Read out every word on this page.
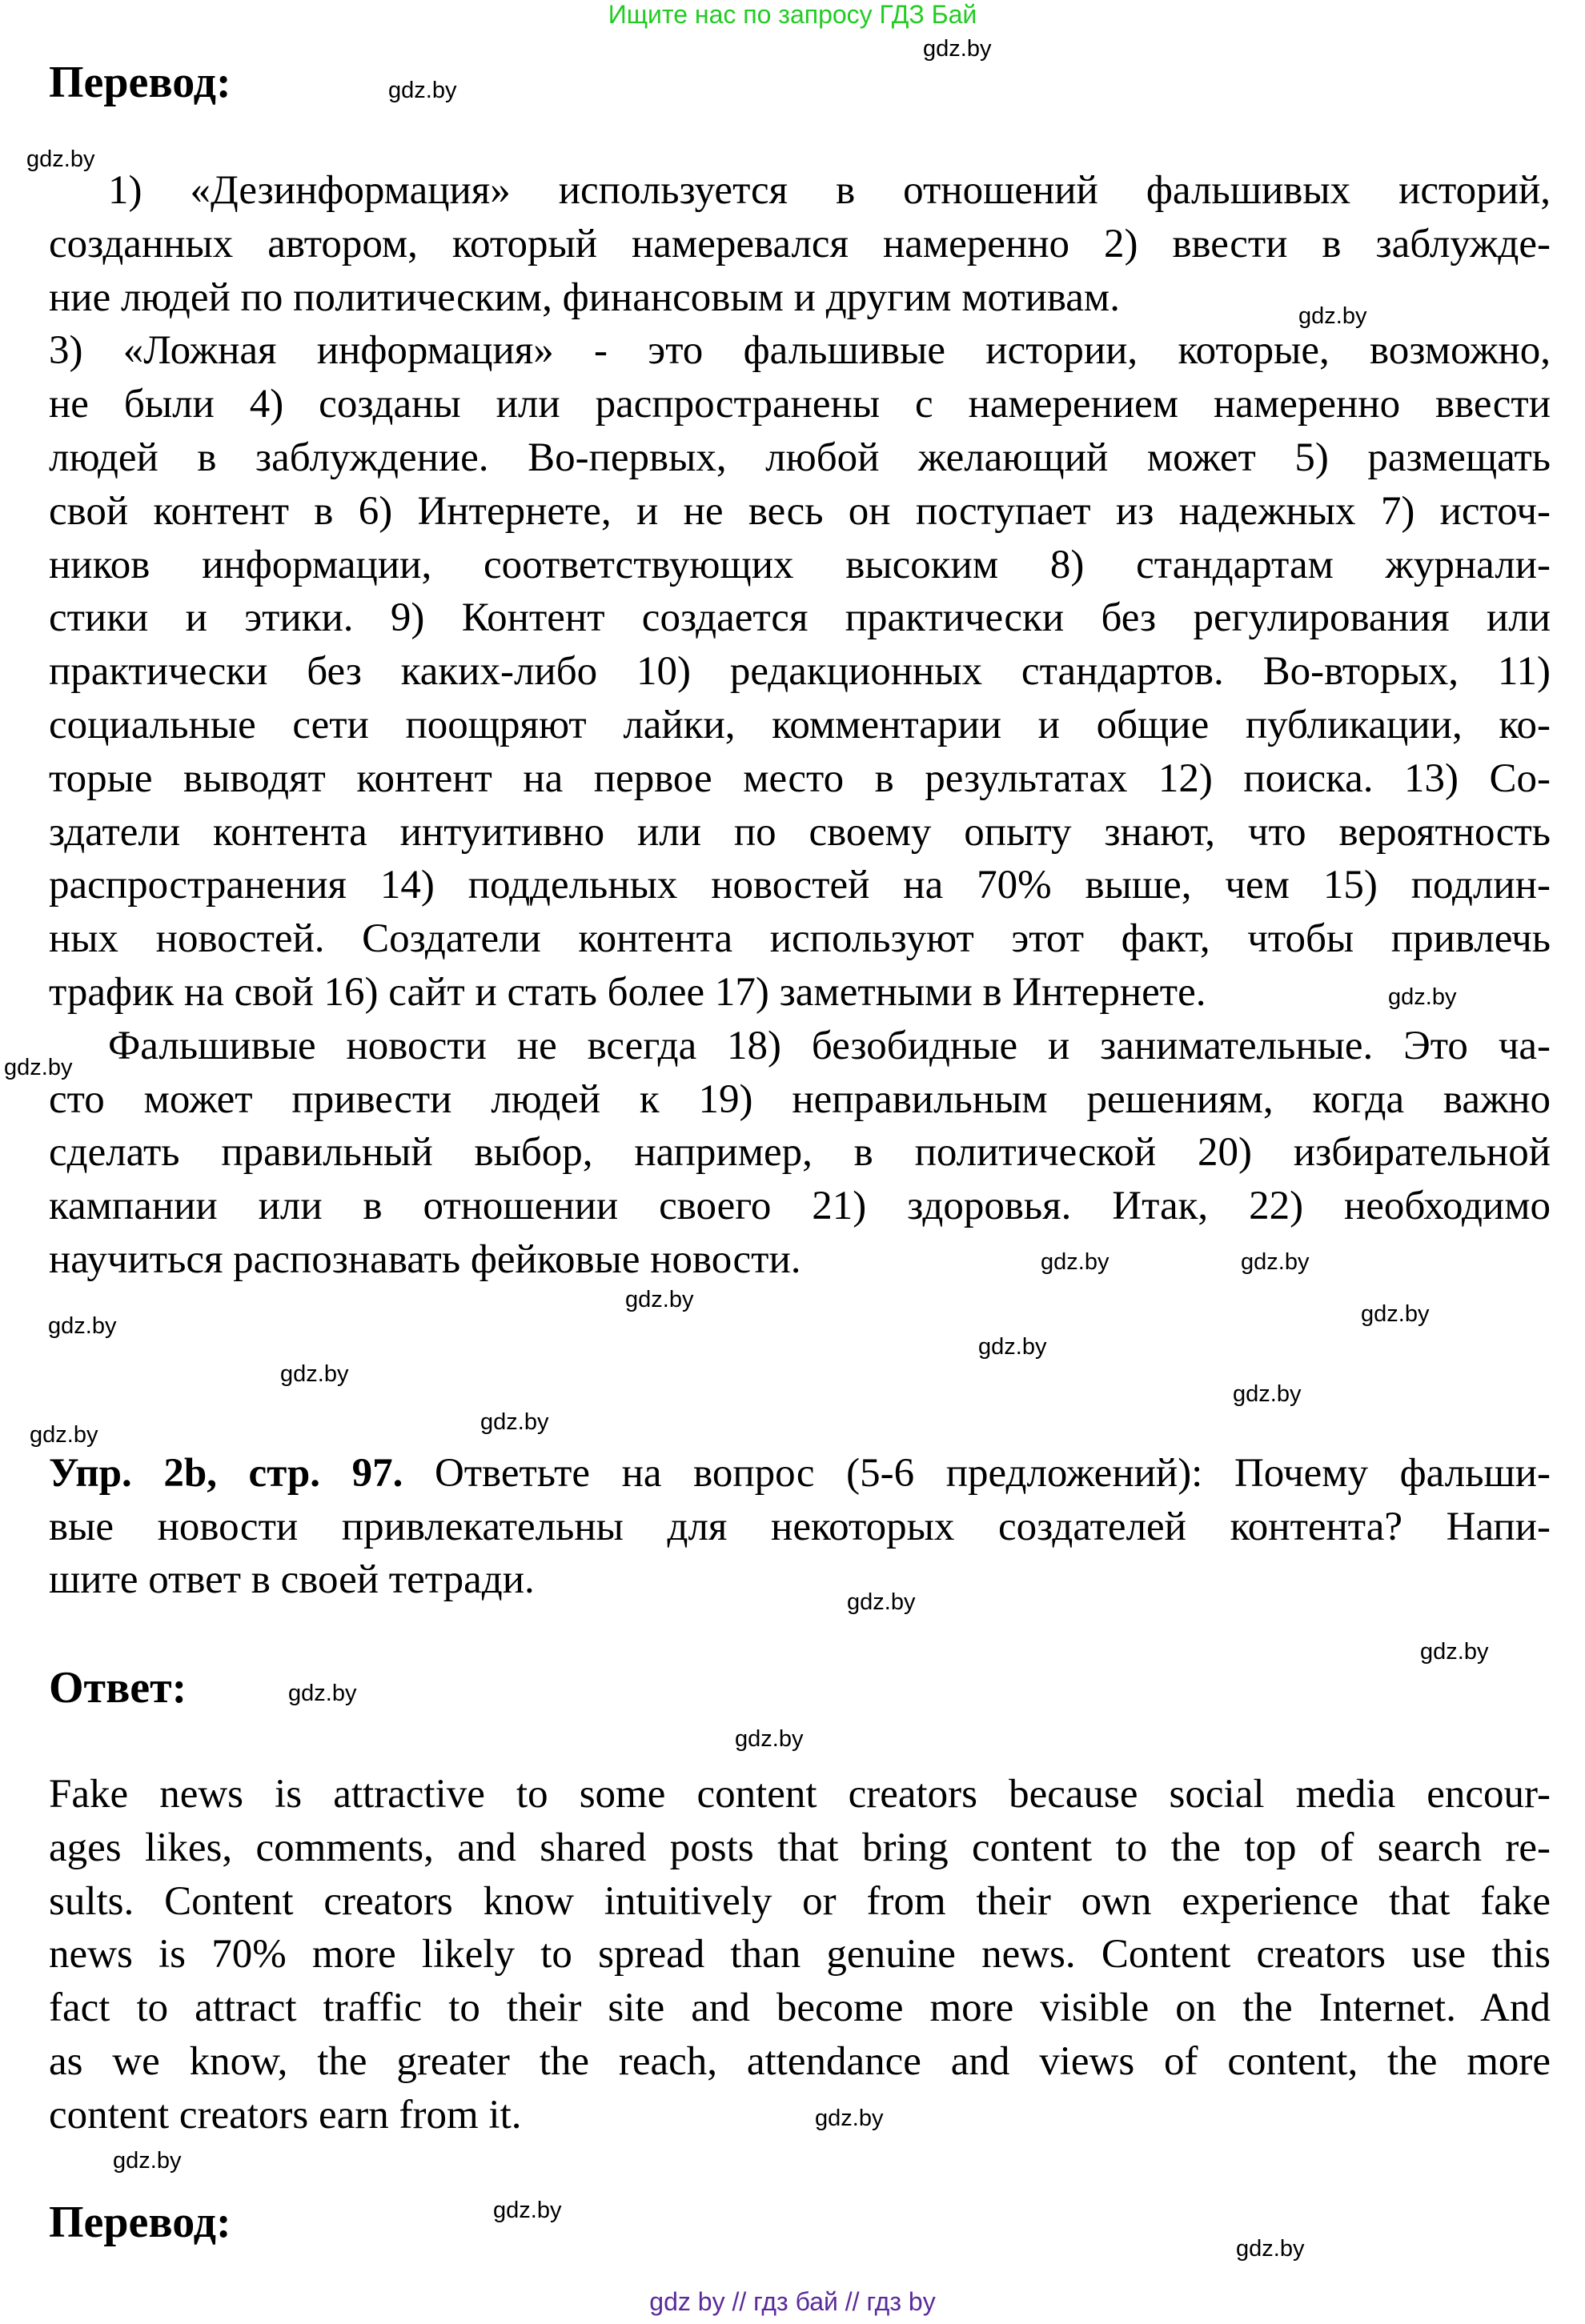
Ищите нас по запросу ГДЗ Бай
Перевод:
1) «Дезинформация» используется в отношений фальшивых историй,
созданных автором, который намеревался намеренно 2) ввести в заблужде-
ние людей по политическим, финансовым и другим мотивам.
3) «Ложная информация» - это фальшивые истории, которые, возможно,
не были 4) созданы или распространены с намерением намеренно ввести
людей в заблуждение. Во-первых, любой желающий может 5) размещать
свой контент в 6) Интернете, и не весь он поступает из надежных 7) источ-
ников информации, соответствующих высоким 8) стандартам журнали-
стики и этики. 9) Контент создается практически без регулирования или
практически без каких-либо 10) редакционных стандартов. Во-вторых, 11)
социальные сети поощряют лайки, комментарии и общие публикации, ко-
торые выводят контент на первое место в результатах 12) поиска. 13) Со-
здатели контента интуитивно или по своему опыту знают, что вероятность
распространения 14) поддельных новостей на 70% выше, чем 15) подлин-
ных новостей. Создатели контента используют этот факт, чтобы привлечь
трафик на свой 16) сайт и стать более 17) заметными в Интернете.
Фальшивые новости не всегда 18) безобидные и занимательные. Это ча-
сто может привести людей к 19) неправильным решениям, когда важно
сделать правильный выбор, например, в политической 20) избирательной
кампании или в отношении своего 21) здоровья. Итак, 22) необходимо
научиться распознавать фейковые новости.
Упр. 2b, стр. 97. Ответьте на вопрос (5-6 предложений): Почему фальши-
вые новости привлекательны для некоторых создателей контента? Напи-
шите ответ в своей тетради.
Ответ:
Fake news is attractive to some content creators because social media encour-
ages likes, comments, and shared posts that bring content to the top of search re-
sults. Content creators know intuitively or from their own experience that fake
news is 70% more likely to spread than genuine news. Content creators use this
fact to attract traffic to their site and become more visible on the Internet. And
as we know, the greater the reach, attendance and views of content, the more
content creators earn from it.
Перевод:
gdz.by
gdz.by
gdz.by
gdz.by
gdz.by
gdz.by
gdz.by
gdz.by
gdz.by
gdz.by
gdz.by
gdz.by
gdz.by
gdz.by
gdz.by
gdz.by
gdz.by
gdz.by
gdz.by
gdz.by
gdz.by
gdz.by
gdz.by
gdz.by
gdz by // гдз бай // гдз by
